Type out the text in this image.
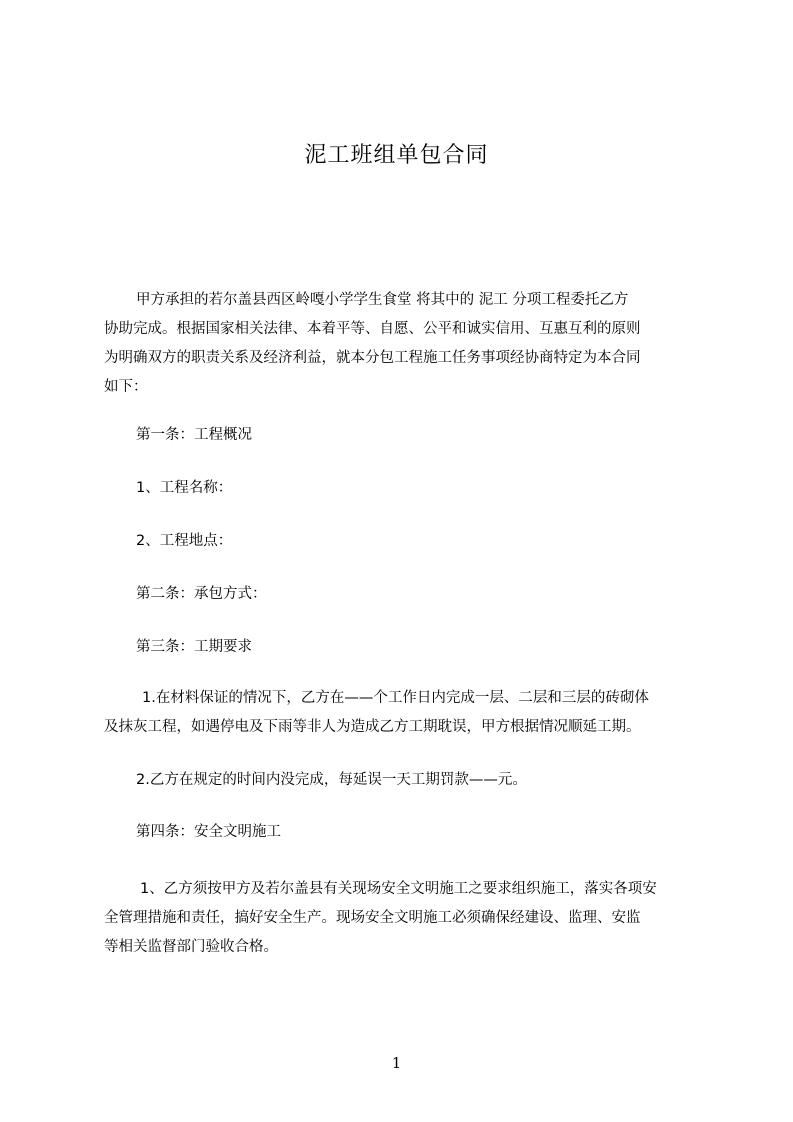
泥工班组单包合同
甲方承担的若尔盖县西区岭嘎小学学生食堂 将其中的 泥工 分项工程委托乙方
协助完成。根据国家相关法律、本着平等、自愿、公平和诚实信用、互惠互利的原则
为明确双方的职责关系及经济利益，就本分包工程施工任务事项经协商特定为本合同
如下：
第一条：工程概况
1、工程名称：
2、工程地点：
第二条：承包方式：
第三条：工期要求
1.在材料保证的情况下，乙方在——个工作日内完成一层、二层和三层的砖砌体
及抹灰工程，如遇停电及下雨等非人为造成乙方工期耽误，甲方根据情况顺延工期。
2.乙方在规定的时间内没完成，每延误一天工期罚款——元。
第四条：安全文明施工
1、乙方须按甲方及若尔盖县有关现场安全文明施工之要求组织施工，落实各项安
全管理措施和责任，搞好安全生产。现场安全文明施工必须确保经建设、监理、安监
等相关监督部门验收合格。
1
